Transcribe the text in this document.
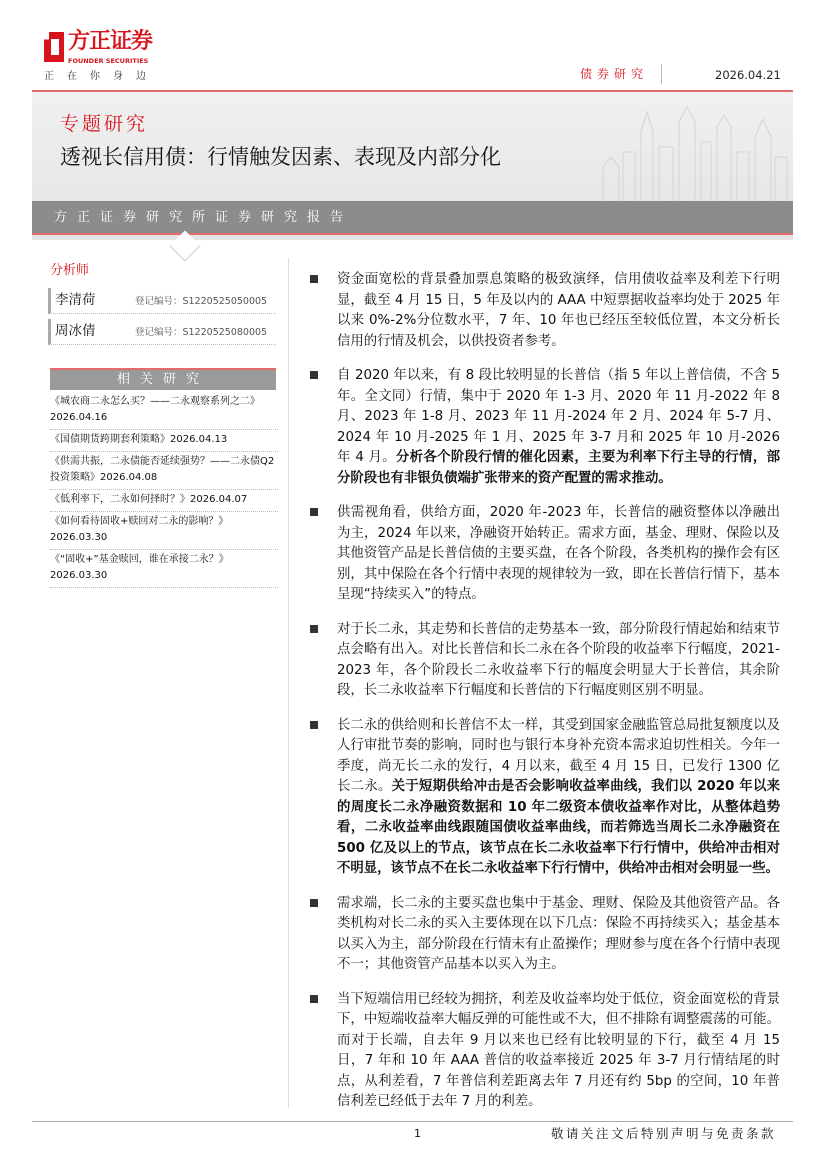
方正证券
FOUNDER SECURITIES
正在你身边	债券研究	2026.04.21
专题研究
透视长信用债：行情触发因素、表现及内部分化
方正证券研究所证券研究报告
分析师
李清荷	登记编号：S1220525050005
周冰倩	登记编号：S1220525080005
相关研究
《城农商二永怎么买？——二永观察系列之二》2026.04.16
《国债期货跨期套利策略》2026.04.13
《供需共振，二永债能否延续强势？——二永债Q2投资策略》2026.04.08
《低利率下，二永如何择时？》2026.04.07
《如何看待固收+赎回对二永的影响？》2026.03.30
《“固收+”基金赎回，谁在承接二永？》2026.03.30
资金面宽松的背景叠加票息策略的极致演绎，信用债收益率及利差下行明显，截至 4 月 15 日，5 年及以内的 AAA 中短票据收益率均处于 2025 年以来 0%-2%分位数水平，7 年、10 年也已经压至较低位置，本文分析长信用的行情及机会，以供投资者参考。
自 2020 年以来，有 8 段比较明显的长普信（指 5 年以上普信债，不含 5 年。全文同）行情，集中于 2020 年 1-3 月、2020 年 11 月-2022 年 8 月、2023 年 1-8 月、2023 年 11 月-2024 年 2 月、2024 年 5-7 月、2024 年 10 月-2025 年 1 月、2025 年 3-7 月和 2025 年 10 月-2026 年 4 月。分析各个阶段行情的催化因素，主要为利率下行主导的行情，部分阶段也有非银负债端扩张带来的资产配置的需求推动。
供需视角看，供给方面，2020 年-2023 年，长普信的融资整体以净融出为主，2024 年以来，净融资开始转正。需求方面，基金、理财、保险以及其他资管产品是长普信债的主要买盘，在各个阶段，各类机构的操作会有区别，其中保险在各个行情中表现的规律较为一致，即在长普信行情下，基本呈现“持续买入”的特点。
对于长二永，其走势和长普信的走势基本一致，部分阶段行情起始和结束节点会略有出入。对比长普信和长二永在各个阶段的收益率下行幅度，2021-2023 年，各个阶段长二永收益率下行的幅度会明显大于长普信，其余阶段，长二永收益率下行幅度和长普信的下行幅度则区别不明显。
长二永的供给则和长普信不太一样，其受到国家金融监管总局批复额度以及人行审批节奏的影响，同时也与银行本身补充资本需求迫切性相关。今年一季度，尚无长二永的发行，4 月以来，截至 4 月 15 日，已发行 1300 亿长二永。关于短期供给冲击是否会影响收益率曲线，我们以 2020 年以来的周度长二永净融资数据和 10 年二级资本债收益率作对比，从整体趋势看，二永收益率曲线跟随国债收益率曲线，而若筛选当周长二永净融资在 500 亿及以上的节点，该节点在长二永收益率下行行情中，供给冲击相对不明显，该节点不在长二永收益率下行行情中，供给冲击相对会明显一些。
需求端，长二永的主要买盘也集中于基金、理财、保险及其他资管产品。各类机构对长二永的买入主要体现在以下几点：保险不再持续买入；基金基本以买入为主，部分阶段在行情末有止盈操作；理财参与度在各个行情中表现不一；其他资管产品基本以买入为主。
当下短端信用已经较为拥挤，利差及收益率均处于低位，资金面宽松的背景下，中短端收益率大幅反弹的可能性或不大，但不排除有调整震荡的可能。而对于长端，自去年 9 月以来也已经有比较明显的下行，截至 4 月 15 日，7 年和 10 年 AAA 普信的收益率接近 2025 年 3-7 月行情结尾的时点，从利差看，7 年普信利差距离去年 7 月还有约 5bp 的空间，10 年普信利差已经低于去年 7 月的利差。
1	敬请关注文后特别声明与免责条款
